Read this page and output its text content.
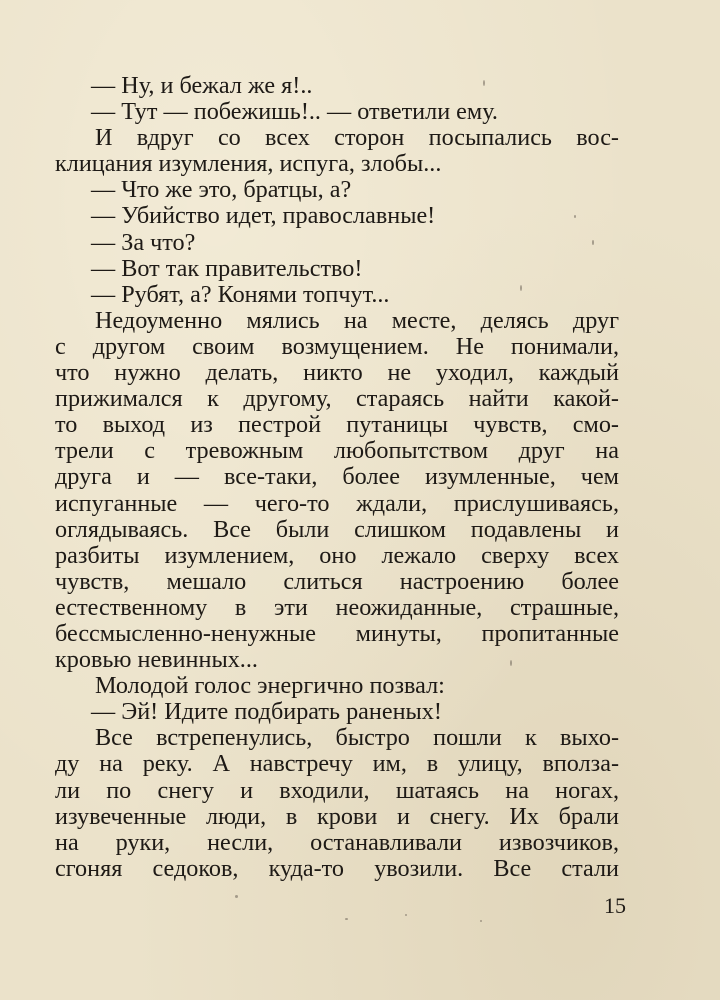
— Ну, и бежал же я!..
— Тут — побежишь!.. — ответили ему.
И вдруг со всех сторон посыпались вос-
клицания изумления, испуга, злобы...
— Что же это, братцы, а?
— Убийство идет, православные!
— За что?
— Вот так правительство!
— Рубят, а? Конями топчут...
Недоуменно мялись на месте, делясь друг
с другом своим возмущением. Не понимали,
что нужно делать, никто не уходил, каждый
прижимался к другому, стараясь найти какой-
то выход из пестрой путаницы чувств, смо-
трели с тревожным любопытством друг на
друга и — все-таки, более изумленные, чем
испуганные — чего-то ждали, прислушиваясь,
оглядываясь. Все были слишком подавлены и
разбиты изумлением, оно лежало сверху всех
чувств, мешало слиться настроению более
естественному в эти неожиданные, страшные,
бессмысленно-ненужные минуты, пропитанные
кровью невинных...
Молодой голос энергично позвал:
— Эй! Идите подбирать раненых!
Все встрепенулись, быстро пошли к выхо-
ду на реку. А навстречу им, в улицу, вполза-
ли по снегу и входили, шатаясь на ногах,
изувеченные люди, в крови и снегу. Их брали
на руки, несли, останавливали извозчиков,
сгоняя седоков, куда-то увозили. Все стали
15
